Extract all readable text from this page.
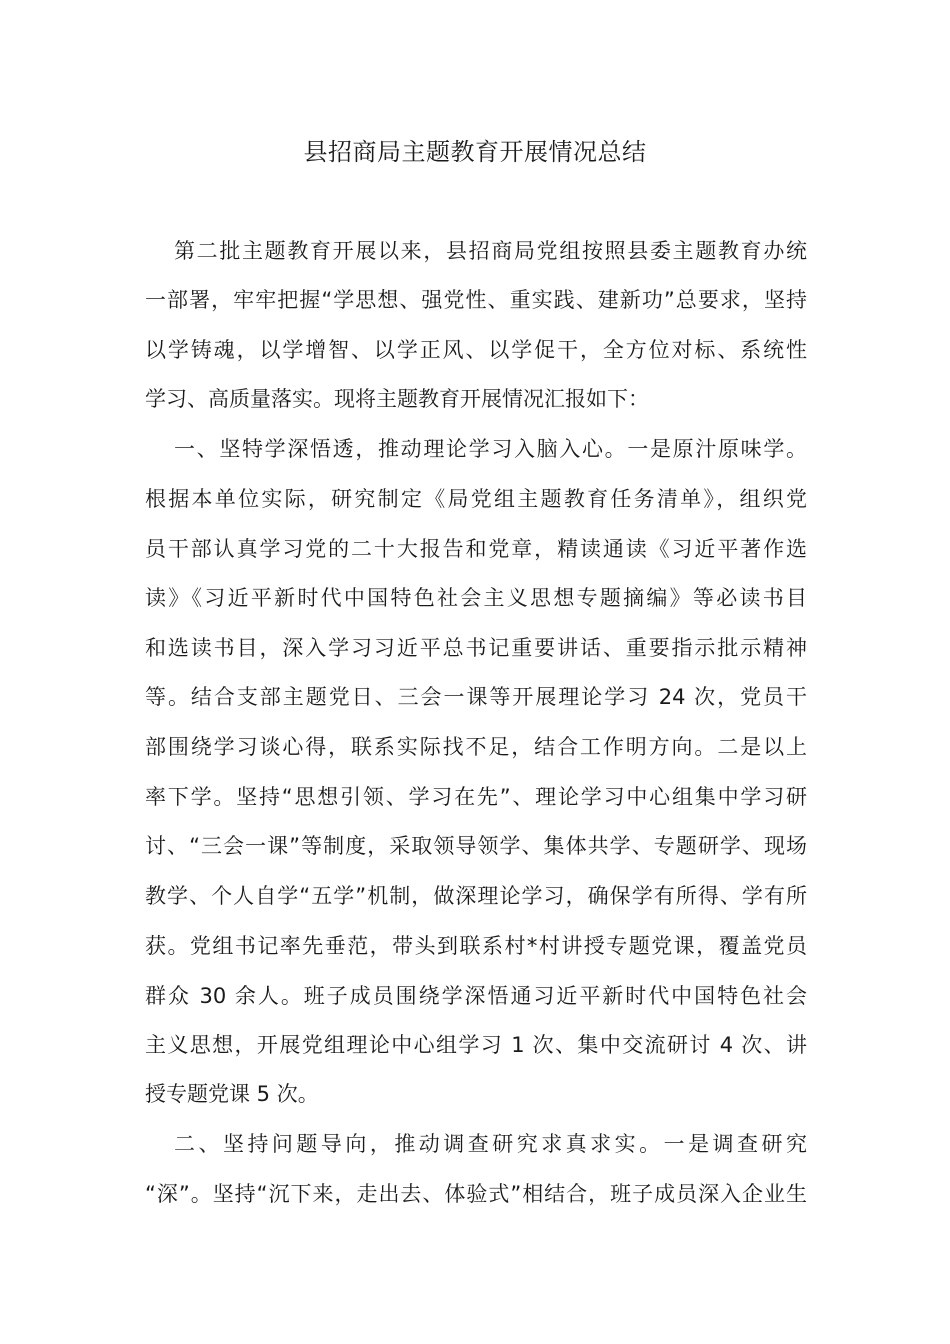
县招商局主题教育开展情况总结

第二批主题教育开展以来，县招商局党组按照县委主题教育办统

一部署，牢牢把握“学思想、强党性、重实践、建新功”总要求，坚持

以学铸魂，以学增智、以学正风、以学促干，全方位对标、系统性

学习、高质量落实。现将主题教育开展情况汇报如下：

一、坚特学深悟透，推动理论学习入脑入心。一是原汁原味学。

根据本单位实际，研究制定《局党组主题教育任务清单》，组织党

员干部认真学习党的二十大报告和党章，精读通读《习近平著作选

读》《习近平新时代中国特色社会主义思想专题摘编》等必读书目

和选读书目，深入学习习近平总书记重要讲话、重要指示批示精神

等。结合支部主题党日、三会一课等开展理论学习 24 次，党员干

部围绕学习谈心得，联系实际找不足，结合工作明方向。二是以上

率下学。坚持“思想引领、学习在先”、理论学习中心组集中学习研

讨、“三会一课”等制度，采取领导领学、集体共学、专题研学、现场

教学、个人自学“五学”机制，做深理论学习，确保学有所得、学有所

获。党组书记率先垂范，带头到联系村*村讲授专题党课，覆盖党员

群众 30 余人。班子成员围绕学深悟通习近平新时代中国特色社会

主义思想，开展党组理论中心组学习 1 次、集中交流研讨 4 次、讲

授专题党课 5 次。

二、坚持问题导向，推动调查研究求真求实。一是调查研究

“深”。坚持“沉下来，走出去、体验式”相结合，班子成员深入企业生
